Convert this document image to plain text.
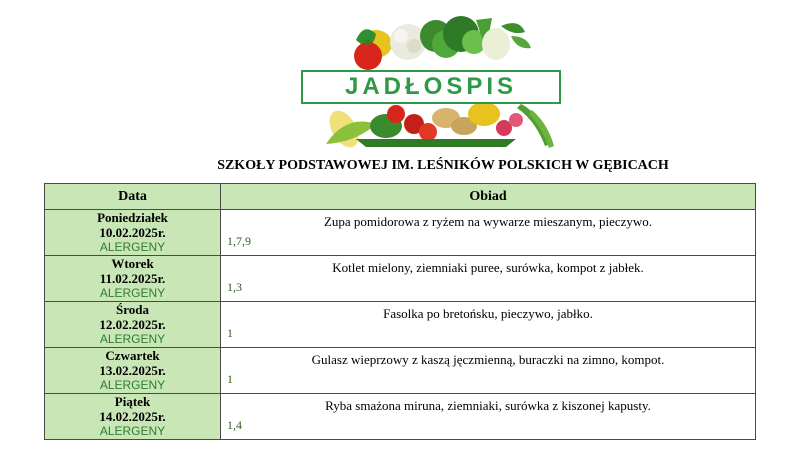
JADŁOSPIS
SZKOŁY PODSTAWOWEJ IM. LEŚNIKÓW POLSKICH W GĘBICACH
Data	Obiad

Poniedziałek
10.02.2025r.
ALERGENY	Zupa pomidorowa z ryżem na wywarze mieszanym, pieczywo.
1,7,9

Wtorek
11.02.2025r.
ALERGENY	Kotlet mielony, ziemniaki puree, surówka, kompot z jabłek.
1,3

Środa
12.02.2025r.
ALERGENY	Fasolka po bretońsku, pieczywo, jabłko.
1

Czwartek
13.02.2025r.
ALERGENY	Gulasz wieprzowy z kaszą jęczmienną, buraczki na zimno, kompot.
1

Piątek
14.02.2025r.
ALERGENY	Ryba smażona miruna, ziemniaki, surówka z kiszonej kapusty.
1,4
